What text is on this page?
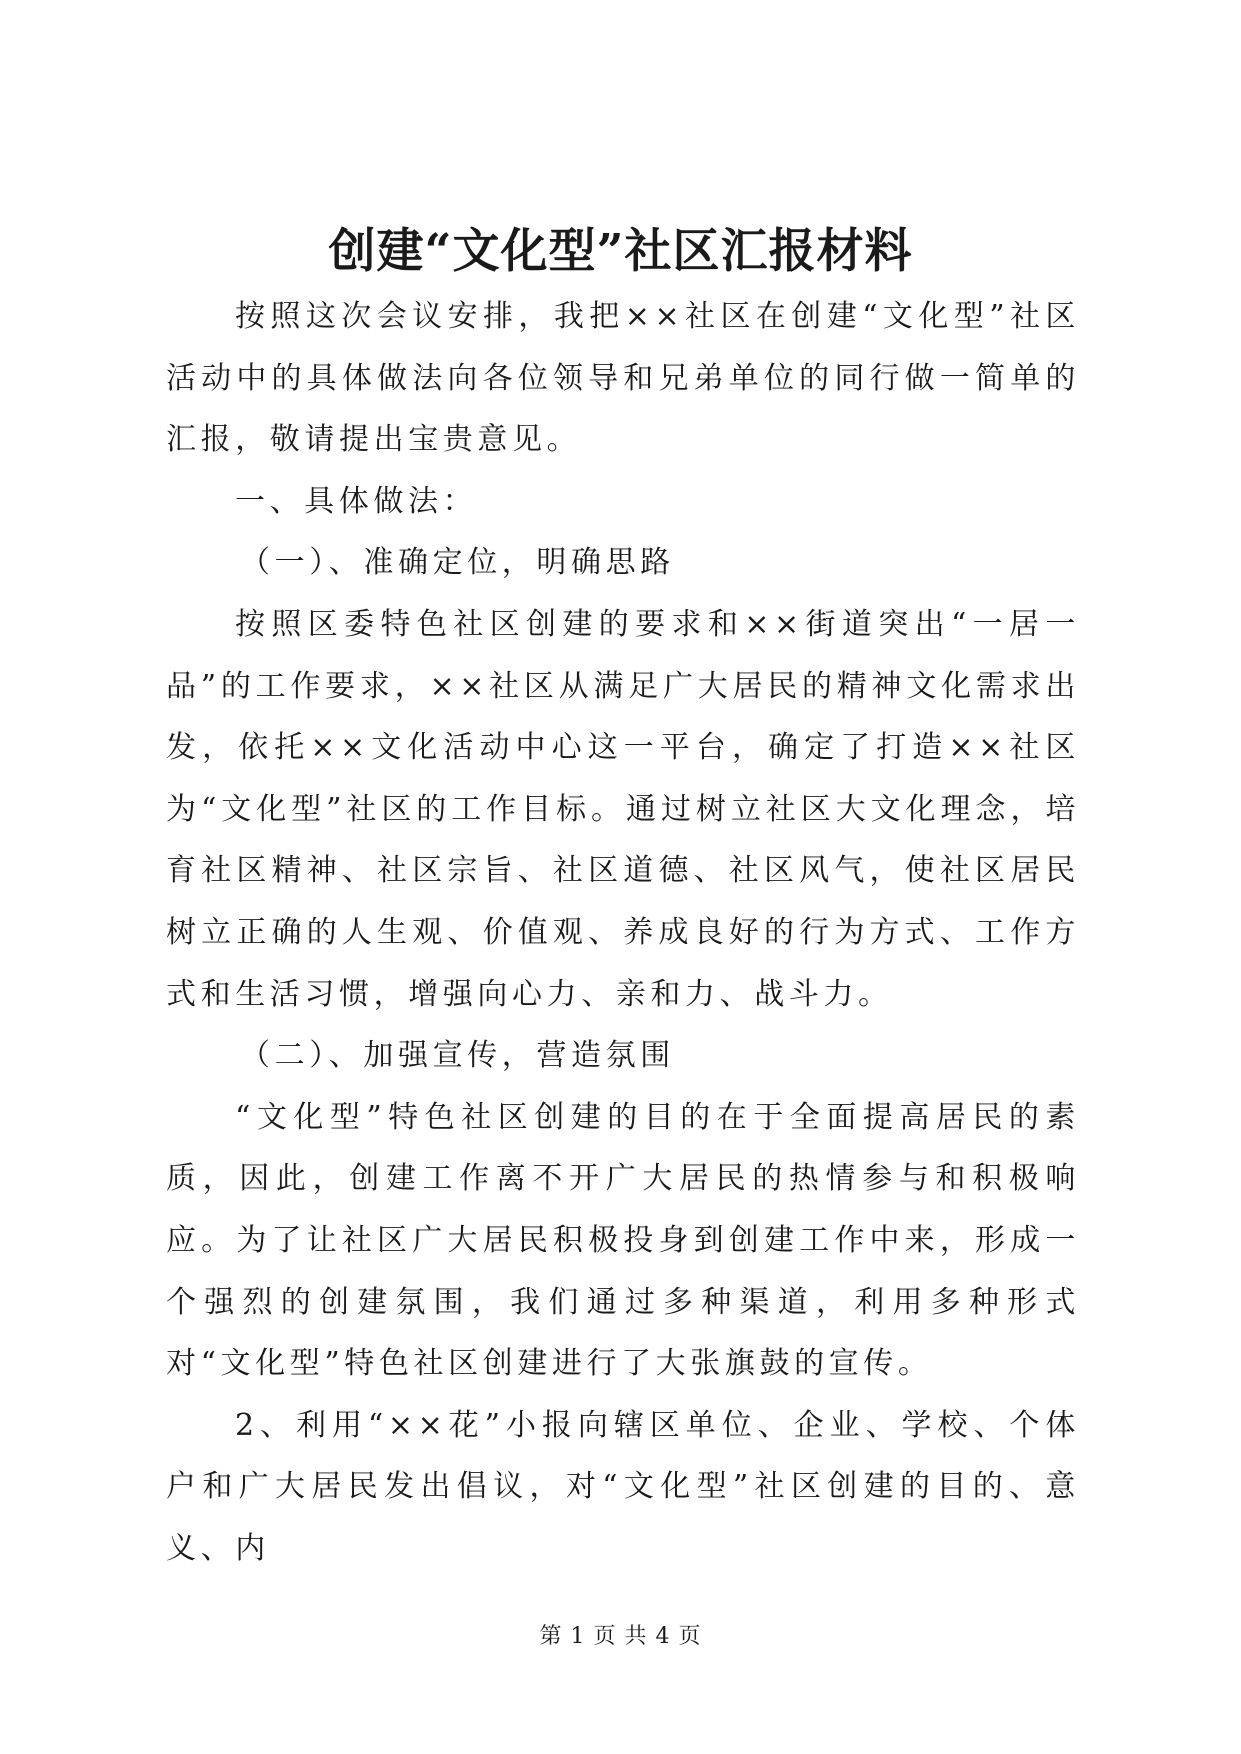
创建“文化型”社区汇报材料

按照这次会议安排，我把××社区在创建“文化型”社区活动中的具体做法向各位领导和兄弟单位的同行做一简单的汇报，敬请提出宝贵意见。

一、具体做法：

（一）、准确定位，明确思路

按照区委特色社区创建的要求和××街道突出“一居一品”的工作要求，××社区从满足广大居民的精神文化需求出发，依托××文化活动中心这一平台，确定了打造××社区为“文化型”社区的工作目标。通过树立社区大文化理念，培育社区精神、社区宗旨、社区道德、社区风气，使社区居民树立正确的人生观、价值观、养成良好的行为方式、工作方式和生活习惯，增强向心力、亲和力、战斗力。

（二）、加强宣传，营造氛围

“文化型”特色社区创建的目的在于全面提高居民的素质，因此，创建工作离不开广大居民的热情参与和积极响应。为了让社区广大居民积极投身到创建工作中来，形成一个强烈的创建氛围，我们通过多种渠道，利用多种形式对“文化型”特色社区创建进行了大张旗鼓的宣传。

2、利用“××花”小报向辖区单位、企业、学校、个体户和广大居民发出倡议，对“文化型”社区创建的目的、意义、内

第 1 页 共 4 页
